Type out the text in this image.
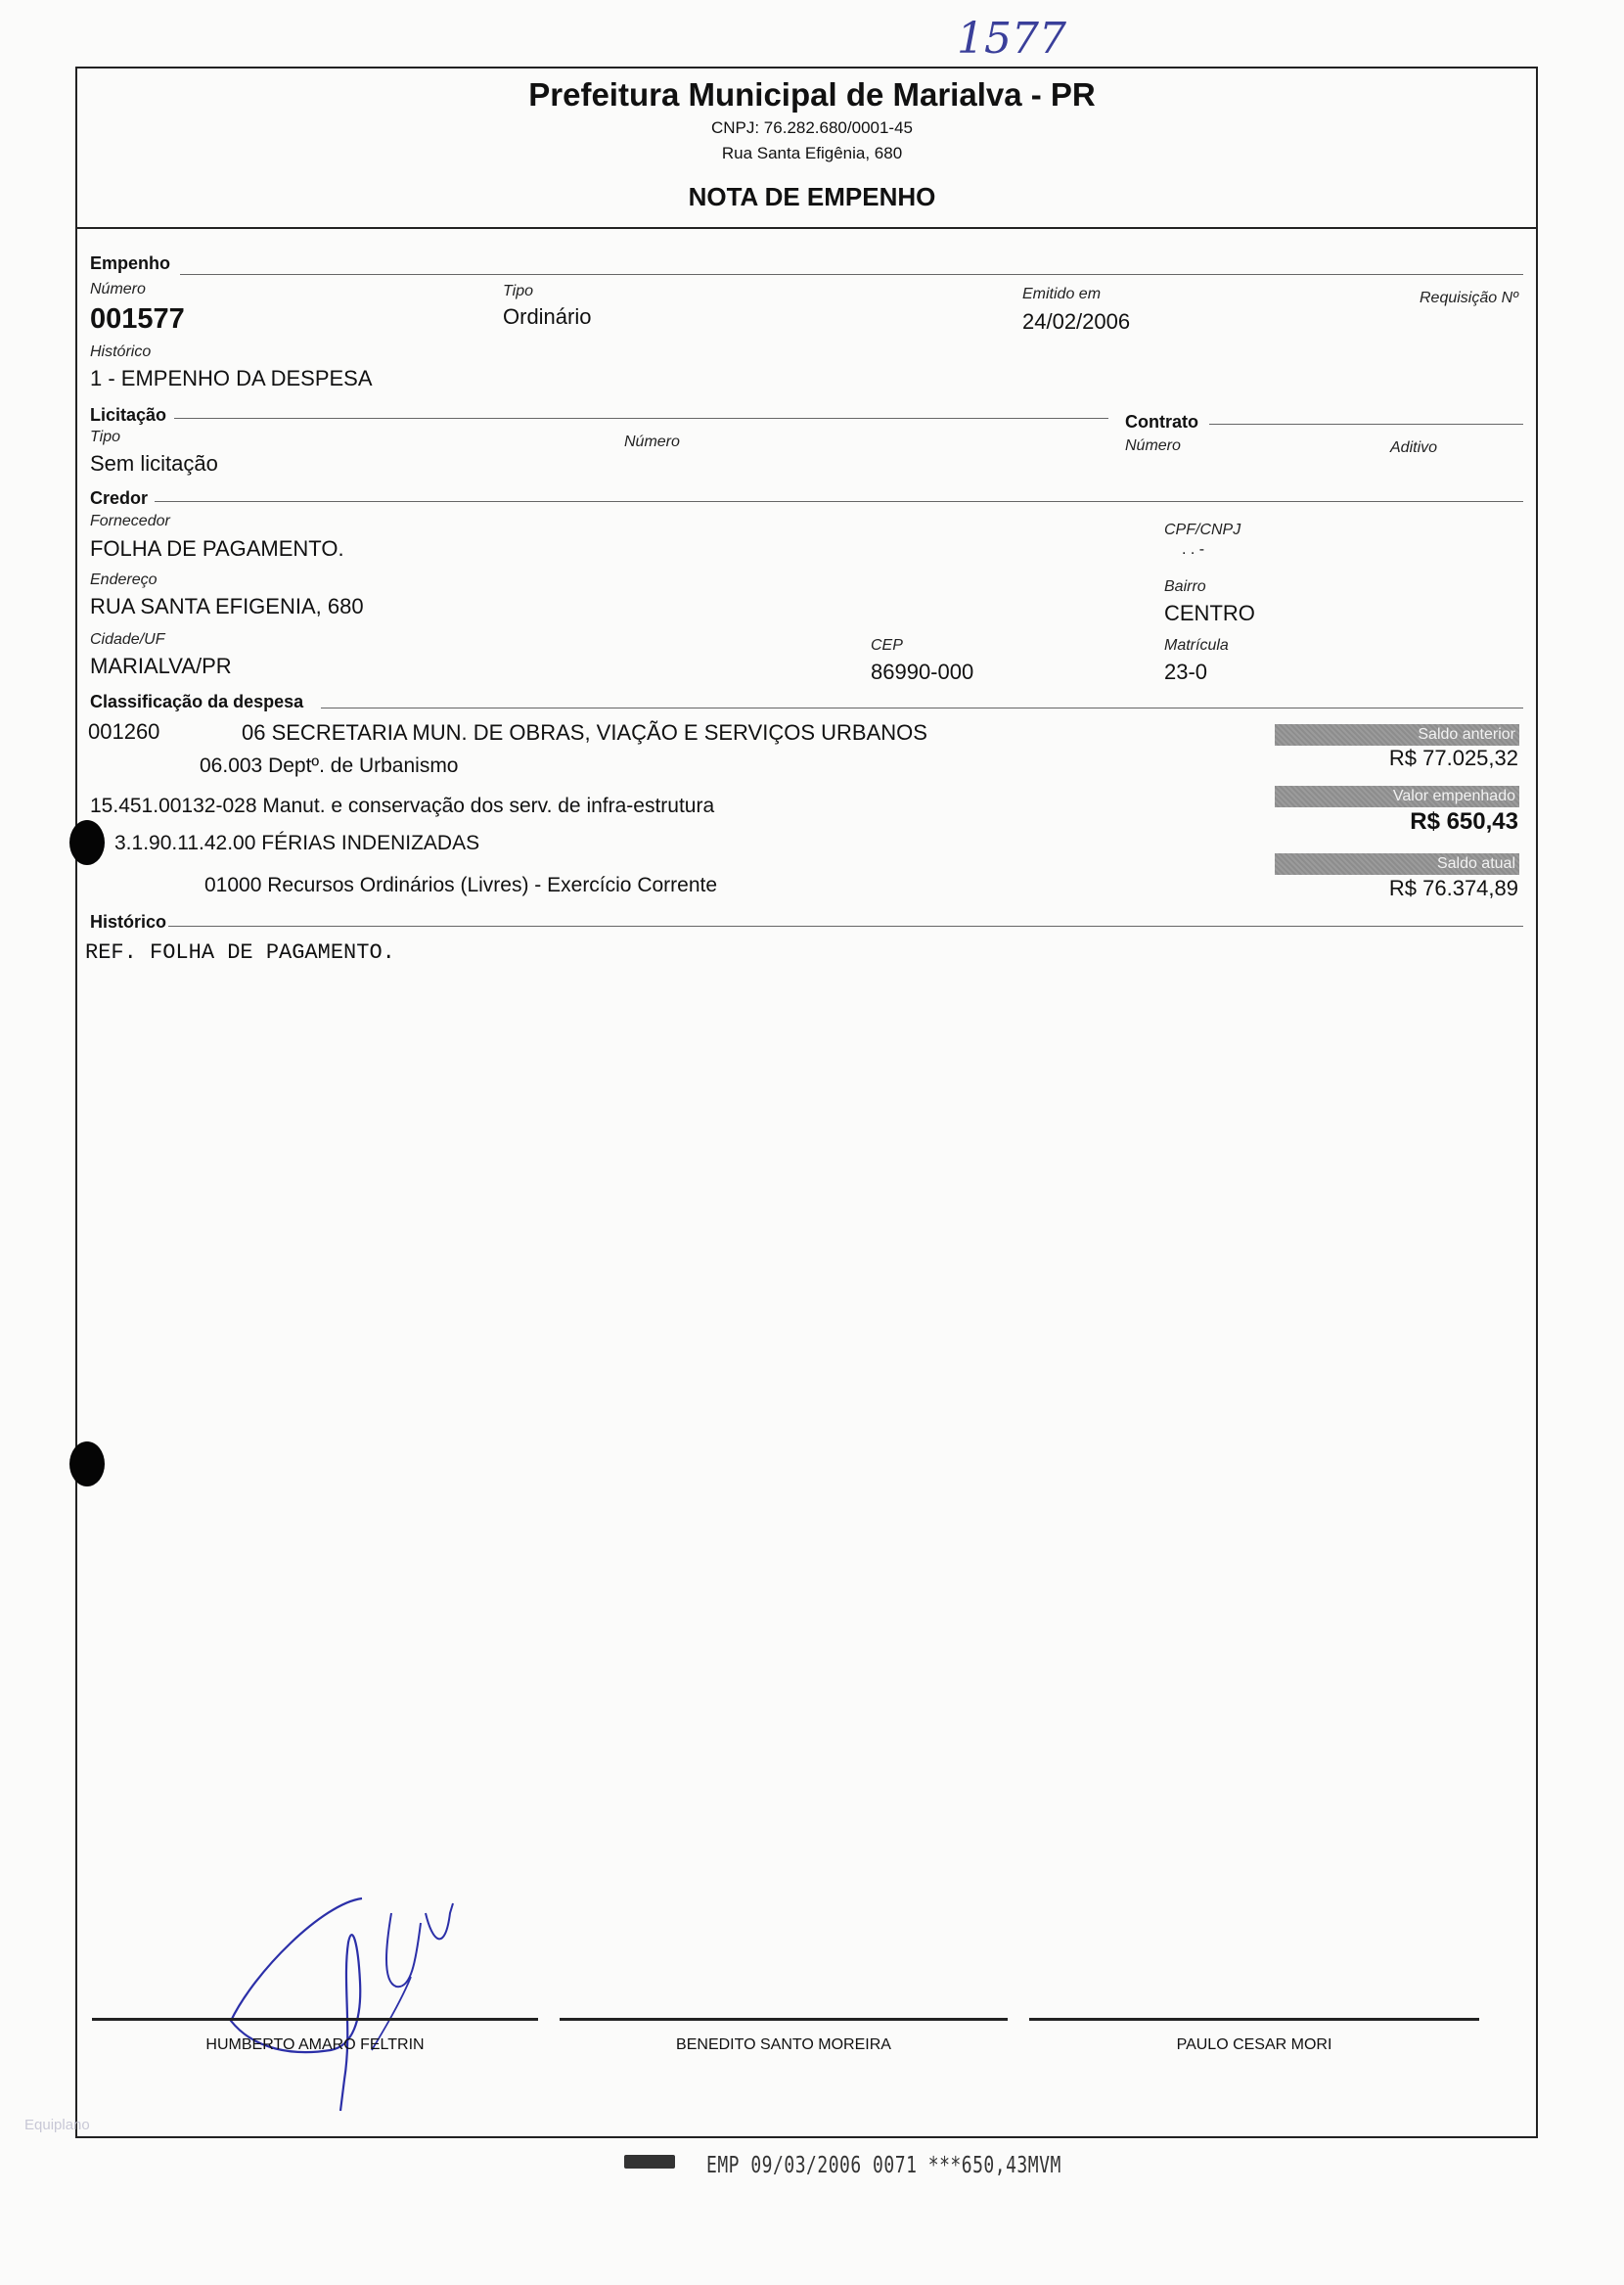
1577
Prefeitura Municipal de Marialva - PR
CNPJ: 76.282.680/0001-45
Rua Santa Efigênia, 680
NOTA DE EMPENHO
Empenho
Número
001577
Tipo
Ordinário
Emitido em
24/02/2006
Requisição Nº
Histórico
1 - EMPENHO DA DESPESA
Licitação
Tipo
Sem licitação
Número
Contrato
Número	Aditivo
Credor
Fornecedor
FOLHA DE PAGAMENTO.
CPF/CNPJ
. . -
Endereço
RUA SANTA EFIGENIA, 680
Bairro
CENTRO
Cidade/UF
MARIALVA/PR
CEP
86990-000
Matrícula
23-0
Classificação da despesa
001260	06 SECRETARIA MUN. DE OBRAS, VIAÇÃO E SERVIÇOS URBANOS
06.003 Deptº. de Urbanismo
15.451.00132-028 Manut. e conservação dos serv. de infra-estrutura
3.1.90.11.42.00 FÉRIAS INDENIZADAS
01000 Recursos Ordinários (Livres) - Exercício Corrente
Saldo anterior
R$ 77.025,32
Valor empenhado
R$ 650,43
Saldo atual
R$ 76.374,89
Histórico
REF. FOLHA DE PAGAMENTO.
HUMBERTO AMARO FELTRIN	BENEDITO SANTO MOREIRA	PAULO CESAR MORI
Equiplano
EMP 09/03/2006 0071 ***650,43MVM
